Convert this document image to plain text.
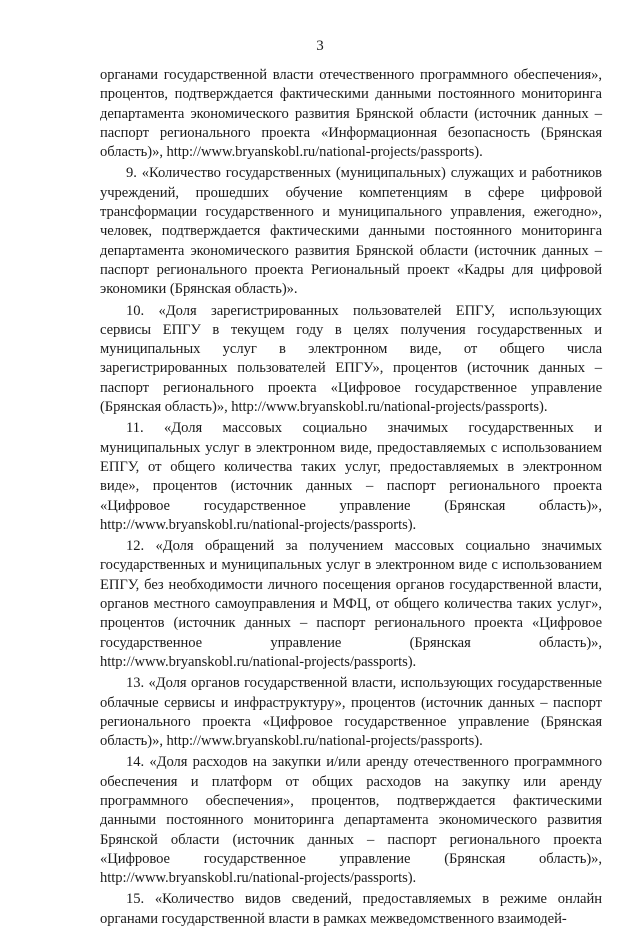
3

органами государственной власти отечественного программного обеспечения», процентов, подтверждается фактическими данными постоянного мониторинга департамента экономического развития Брянской области (источник данных – паспорт регионального проекта «Информационная безопасность (Брянская область)», http://www.bryanskobl.ru/national-projects/passports).

9. «Количество государственных (муниципальных) служащих и работников учреждений, прошедших обучение компетенциям в сфере цифровой трансформации государственного и муниципального управления, ежегодно», человек, подтверждается фактическими данными постоянного мониторинга департамента экономического развития Брянской области (источник данных – паспорт регионального проекта Региональный проект «Кадры для цифровой экономики (Брянская область)».

10. «Доля зарегистрированных пользователей ЕПГУ, использующих сервисы ЕПГУ в текущем году в целях получения государственных и муниципальных услуг в электронном виде, от общего числа зарегистрированных пользователей ЕПГУ», процентов (источник данных – паспорт регионального проекта «Цифровое государственное управление (Брянская область)», http://www.bryanskobl.ru/national-projects/passports).

11. «Доля массовых социально значимых государственных и муниципальных услуг в электронном виде, предоставляемых с использованием ЕПГУ, от общего количества таких услуг, предоставляемых в электронном виде», процентов (источник данных – паспорт регионального проекта «Цифровое государственное управление (Брянская область)», http://www.bryanskobl.ru/national-projects/passports).

12. «Доля обращений за получением массовых социально значимых государственных и муниципальных услуг в электронном виде с использованием ЕПГУ, без необходимости личного посещения органов государственной власти, органов местного самоуправления и МФЦ, от общего количества таких услуг», процентов (источник данных – паспорт регионального проекта «Цифровое государственное управление (Брянская область)», http://www.bryanskobl.ru/national-projects/passports).

13. «Доля органов государственной власти, использующих государственные облачные сервисы и инфраструктуру», процентов (источник данных – паспорт регионального проекта «Цифровое государственное управление (Брянская область)», http://www.bryanskobl.ru/national-projects/passports).

14. «Доля расходов на закупки и/или аренду отечественного программного обеспечения и платформ от общих расходов на закупку или аренду программного обеспечения», процентов, подтверждается фактическими данными постоянного мониторинга департамента экономического развития Брянской области (источник данных – паспорт регионального проекта «Цифровое государственное управление (Брянская область)», http://www.bryanskobl.ru/national-projects/passports).

15. «Количество видов сведений, предоставляемых в режиме онлайн органами государственной власти в рамках межведомственного взаимодей-
